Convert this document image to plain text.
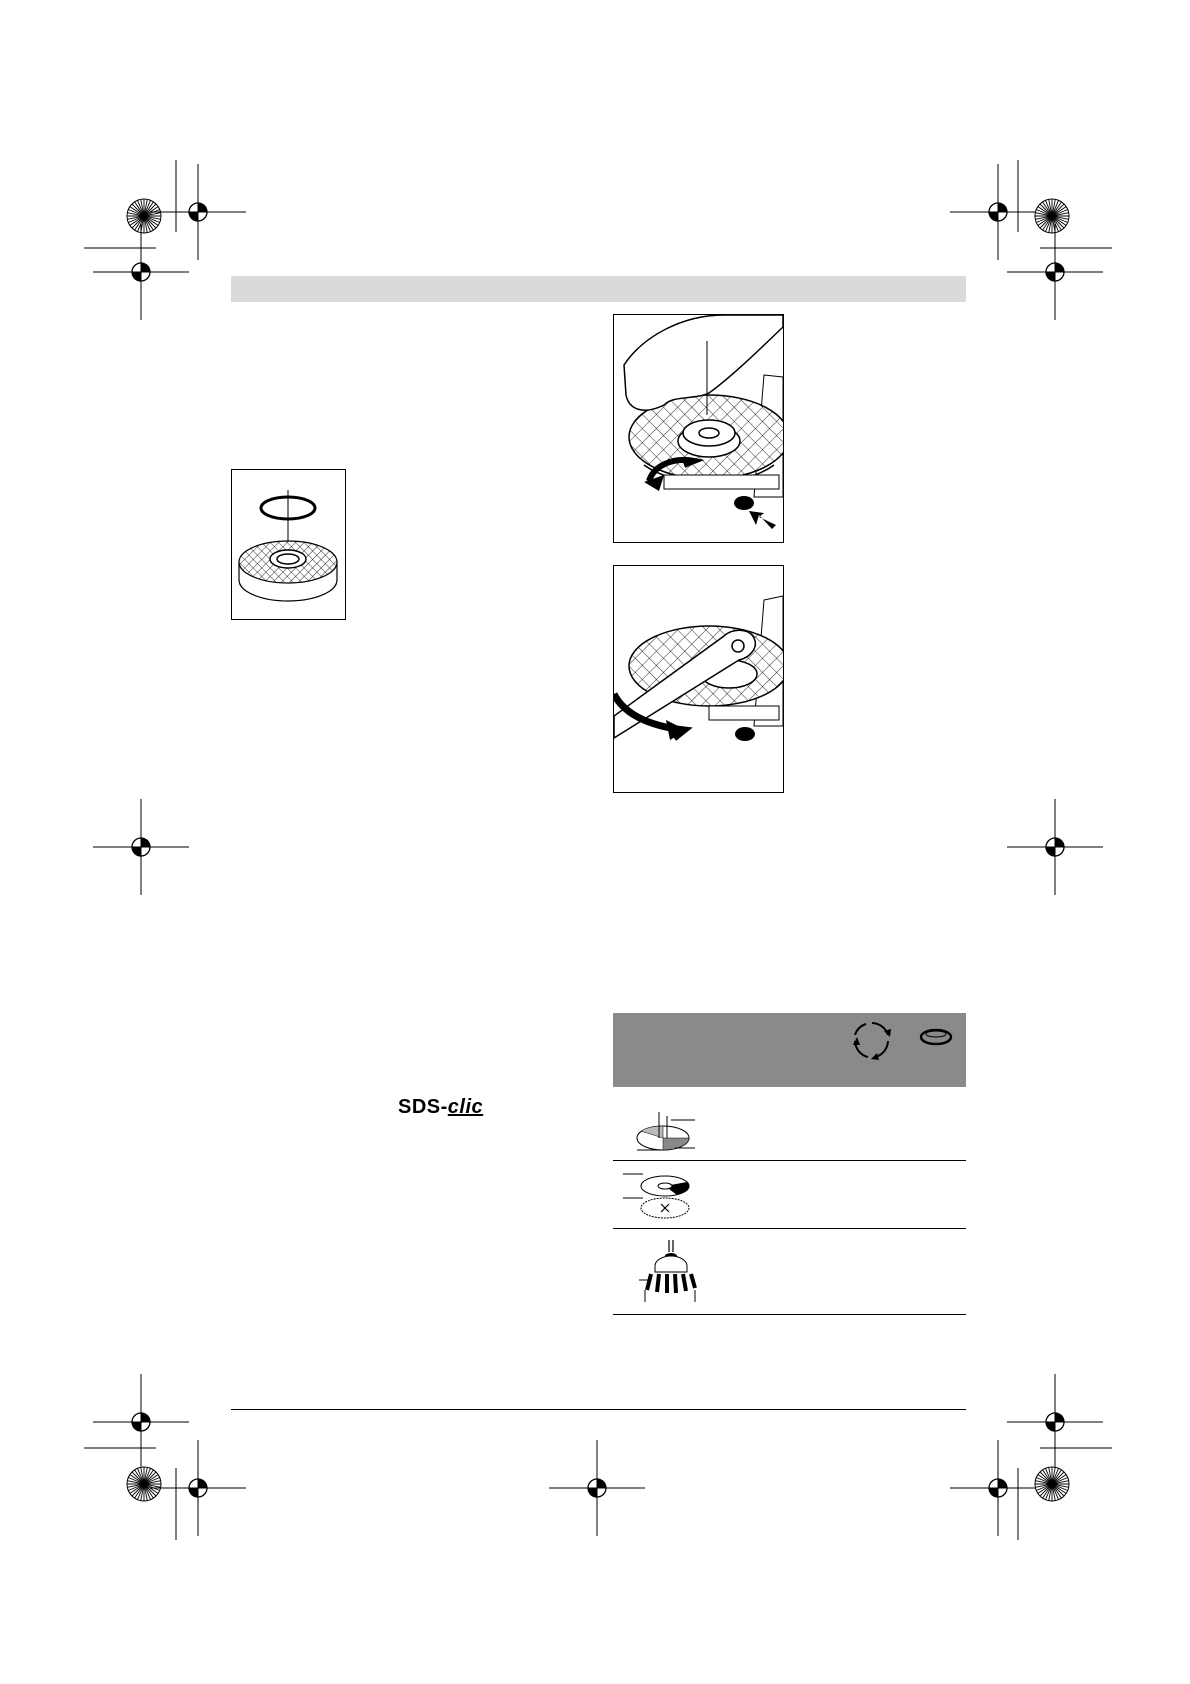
SDS-clic
